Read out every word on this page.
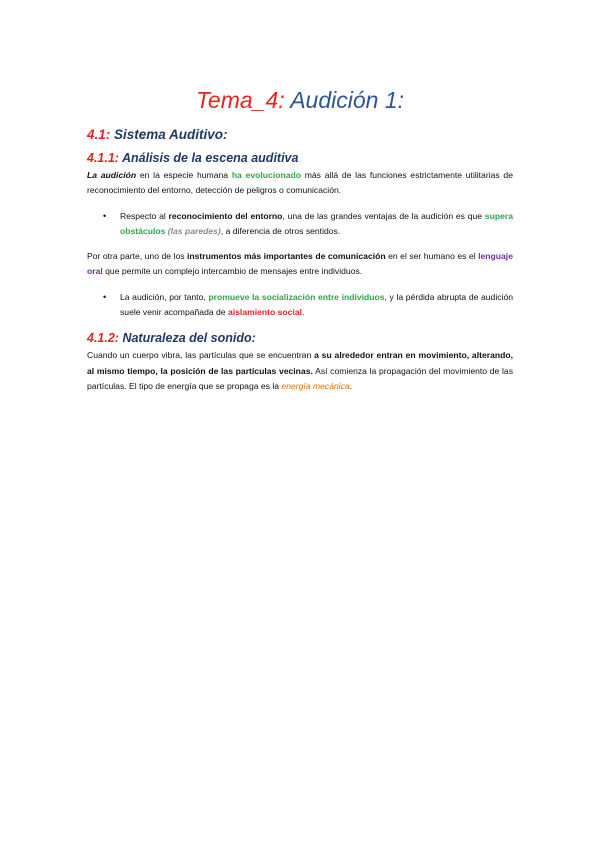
Tema_4: Audición 1:
4.1: Sistema Auditivo:
4.1.1: Análisis de la escena auditiva

La audición en la especie humana ha evolucionado más allá de las funciones estrictamente utilitarias de reconocimiento del entorno, detección de peligros o comunicación.

• Respecto al reconocimiento del entorno, una de las grandes ventajas de la audición es que supera obstáculos (las paredes), a diferencia de otros sentidos.

Por otra parte, uno de los instrumentos más importantes de comunicación en el ser humano es el lenguaje oral que permite un complejo intercambio de mensajes entre individuos.

• La audición, por tanto, promueve la socialización entre individuos, y la pérdida abrupta de audición suele venir acompañada de aislamiento social.
4.1.2: Naturaleza del sonido:

Cuando un cuerpo vibra, las partículas que se encuentran a su alrededor entran en movimiento, alterando, al mismo tiempo, la posición de las partículas vecinas. Así comienza la propagación del movimiento de las partículas. El tipo de energía que se propaga es la energía mecánica.
